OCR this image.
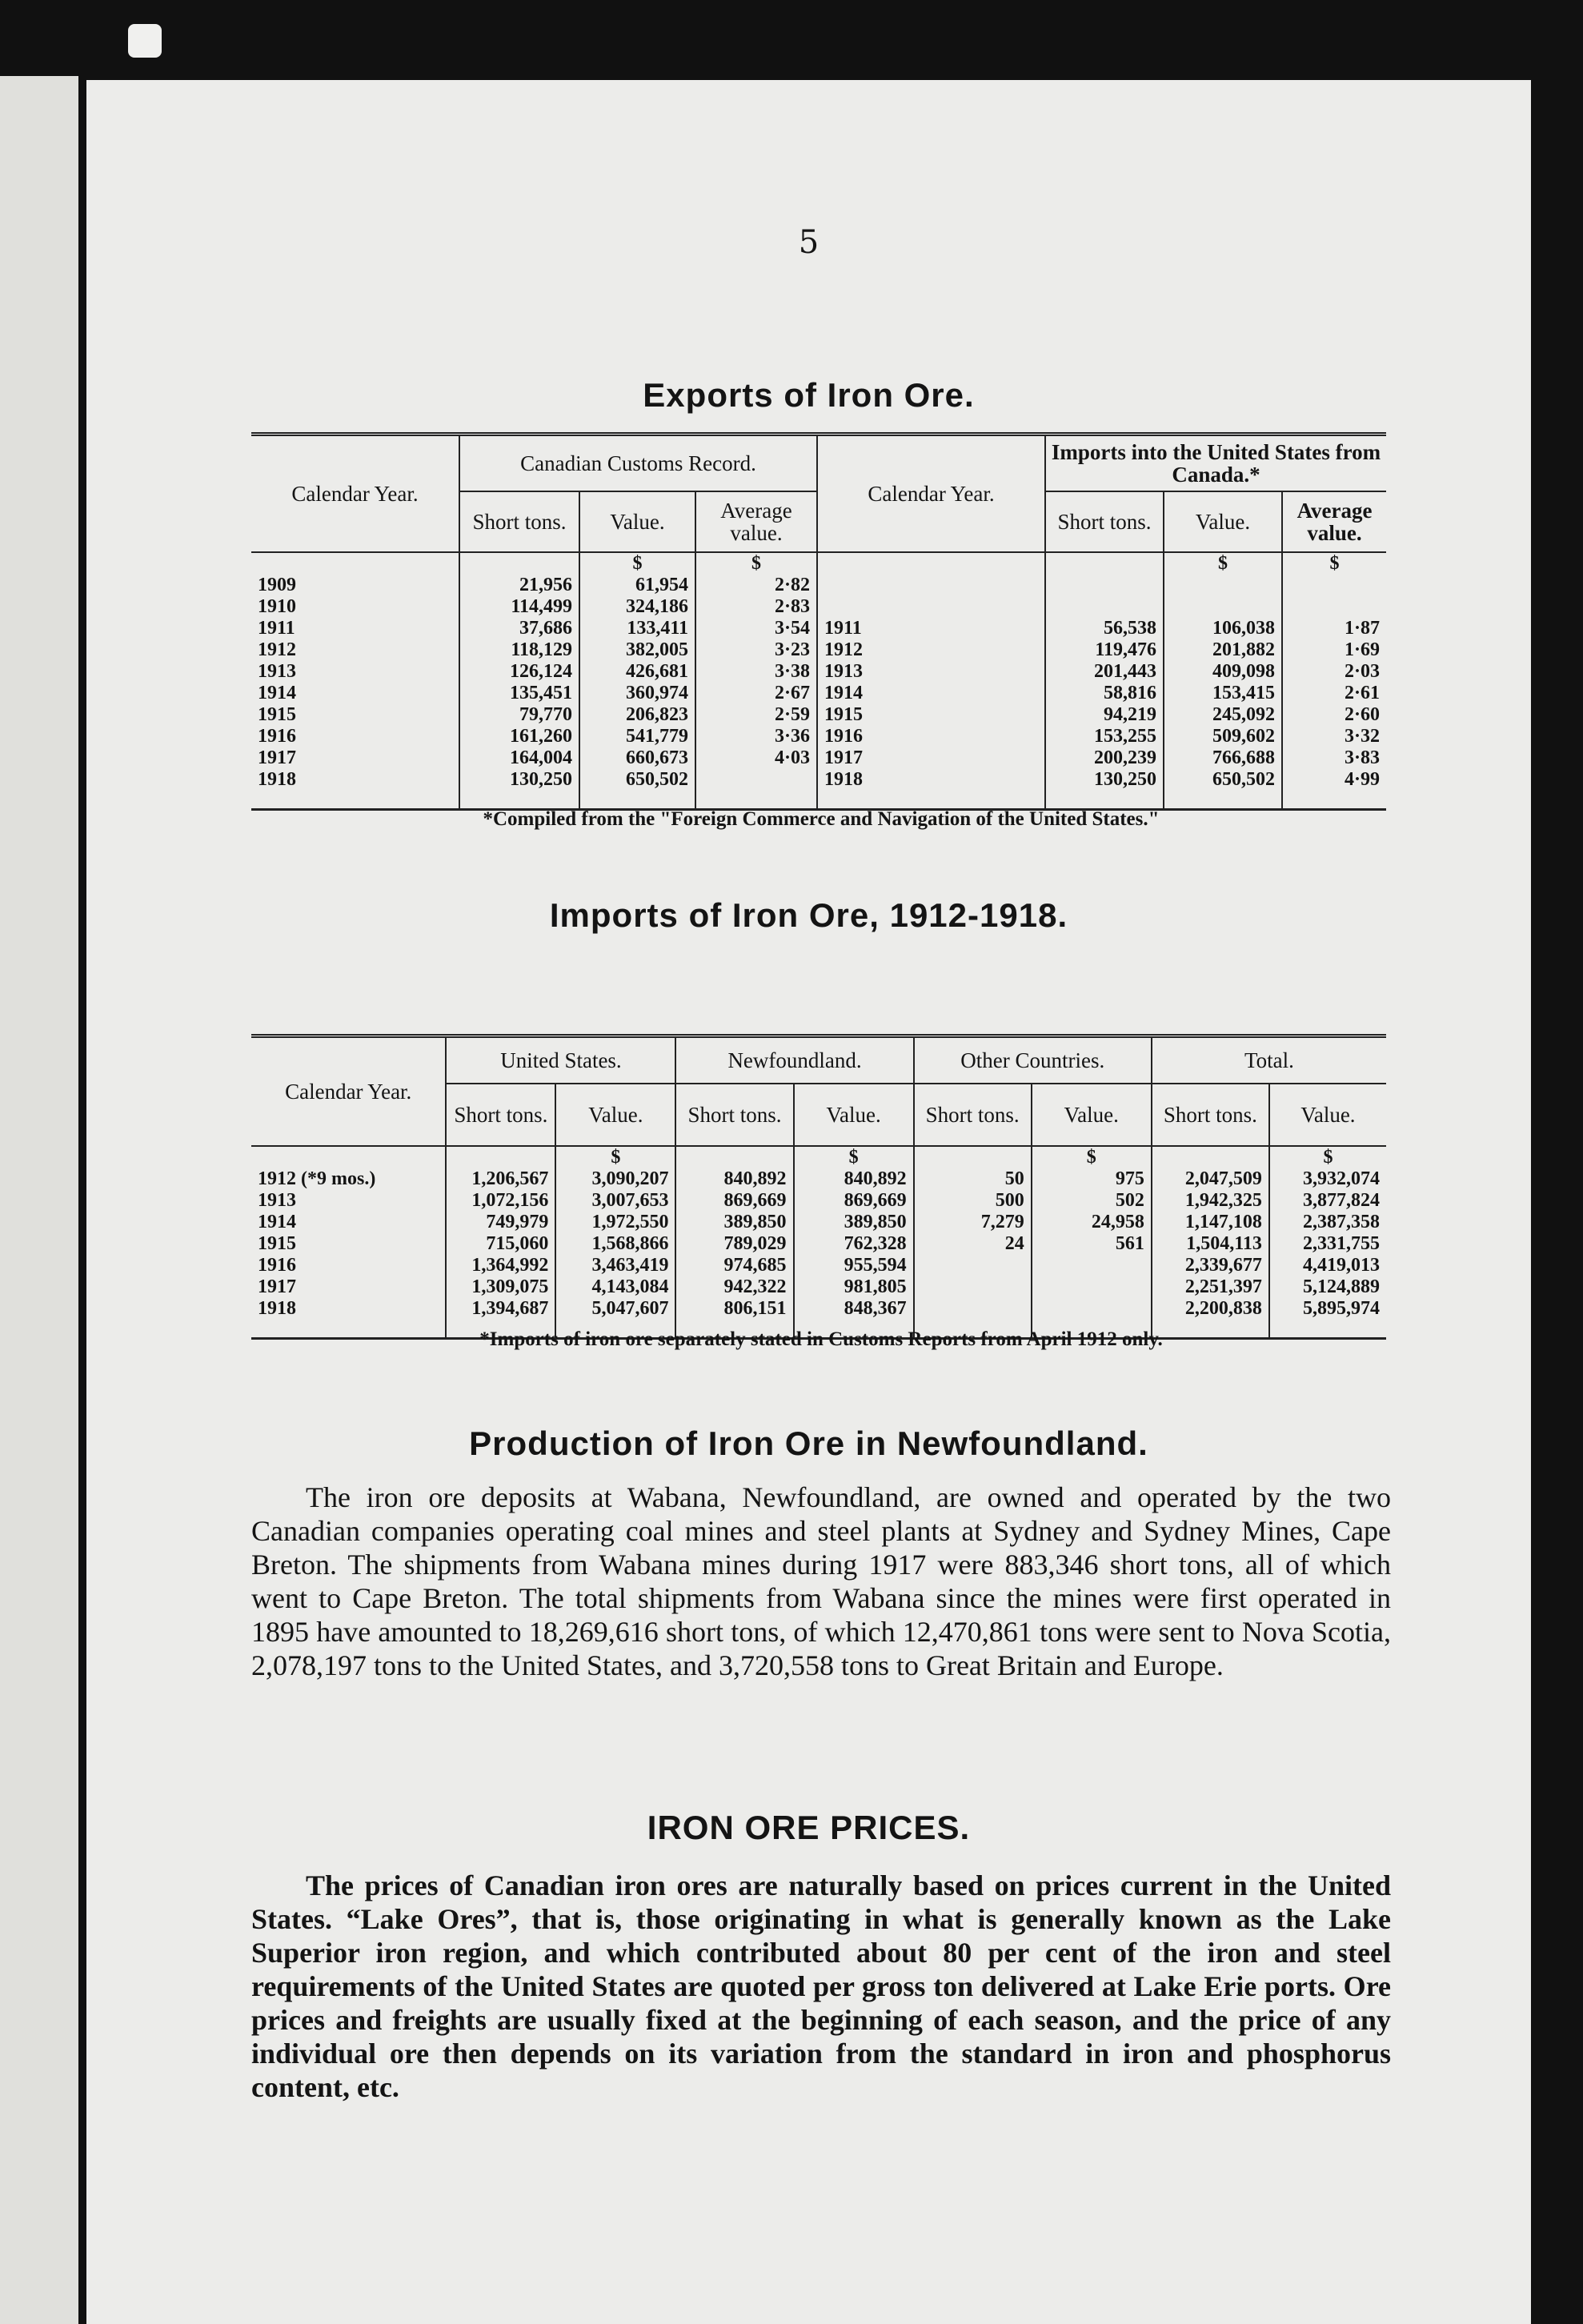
5
Exports of Iron Ore.
Calendar Year.	Canadian Customs Record.			Calendar Year.	Imports into the United States from Canada.*		
	Short tons.	Value.	Average value.		Short tons.	Value.	Average value.
		$	$			$	$
1909	21,956	61,954	2·82				
1910	114,499	324,186	2·83				
1911	37,686	133,411	3·54	1911	56,538	106,038	1·87
1912	118,129	382,005	3·23	1912	119,476	201,882	1·69
1913	126,124	426,681	3·38	1913	201,443	409,098	2·03
1914	135,451	360,974	2·67	1914	58,816	153,415	2·61
1915	79,770	206,823	2·59	1915	94,219	245,092	2·60
1916	161,260	541,779	3·36	1916	153,255	509,602	3·32
1917	164,004	660,673	4·03	1917	200,239	766,688	3·83
1918	130,250	650,502		1918	130,250	650,502	4·99

*Compiled from the "Foreign Commerce and Navigation of the United States."
Imports of Iron Ore, 1912-1918.
Calendar Year.	United States.		Newfoundland.		Other Countries.		Total.	
	Short tons.	Value.	Short tons.	Value.	Short tons.	Value.	Short tons.	Value.
		$		$		$		$
1912 (*9 mos.)	1,206,567	3,090,207	840,892	840,892	50	975	2,047,509	3,932,074
1913	1,072,156	3,007,653	869,669	869,669	500	502	1,942,325	3,877,824
1914	749,979	1,972,550	389,850	389,850	7,279	24,958	1,147,108	2,387,358
1915	715,060	1,568,866	789,029	762,328	24	561	1,504,113	2,331,755
1916	1,364,992	3,463,419	974,685	955,594			2,339,677	4,419,013
1917	1,309,075	4,143,084	942,322	981,805			2,251,397	5,124,889
1918	1,394,687	5,047,607	806,151	848,367			2,200,838	5,895,974

*Imports of iron ore separately stated in Customs Reports from April 1912 only.
Production of Iron Ore in Newfoundland.
The iron ore deposits at Wabana, Newfoundland, are owned and operated by the two Canadian companies operating coal mines and steel plants at Sydney and Sydney Mines, Cape Breton. The shipments from Wabana mines during 1917 were 883,346 short tons, all of which went to Cape Breton. The total shipments from Wabana since the mines were first operated in 1895 have amounted to 18,269,616 short tons, of which 12,470,861 tons were sent to Nova Scotia, 2,078,197 tons to the United States, and 3,720,558 tons to Great Britain and Europe.
IRON ORE PRICES.
The prices of Canadian iron ores are naturally based on prices current in the United States. “Lake Ores”, that is, those originating in what is generally known as the Lake Superior iron region, and which contributed about 80 per cent of the iron and steel requirements of the United States are quoted per gross ton delivered at Lake Erie ports. Ore prices and freights are usually fixed at the beginning of each season, and the price of any individual ore then depends on its variation from the standard in iron and phosphorus content, etc.
